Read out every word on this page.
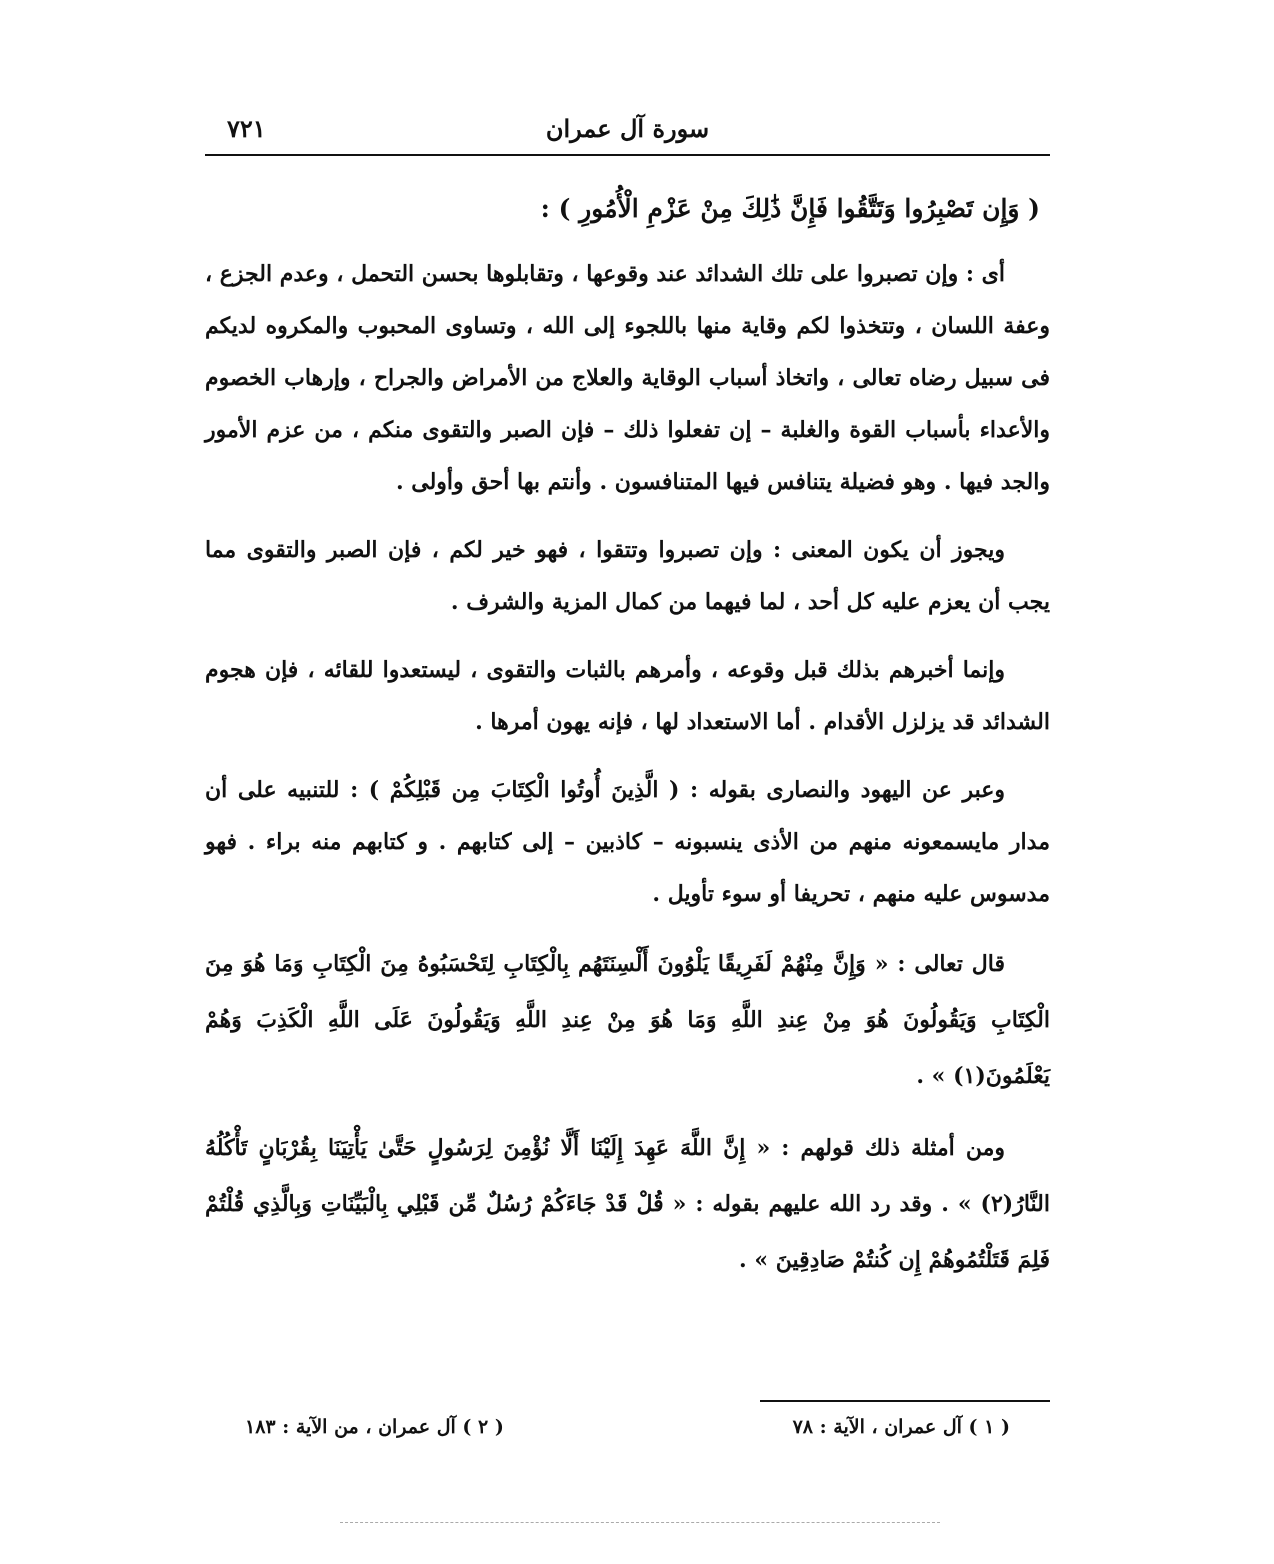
سورة آل عمران
٧٢١
( وَإِن تَصْبِرُوا وَتَتَّقُوا فَإِنَّ ذَٰلِكَ مِنْ عَزْمِ الْأُمُورِ ) :

أى : وإن تصبروا على تلك الشدائد عند وقوعها ، وتقابلوها بحسن التحمل ، وعدم الجزع ، وعفة اللسان ، وتتخذوا لكم وقاية منها باللجوء إلى الله ، وتساوى المحبوب والمكروه لديكم فى سبيل رضاه تعالى ، واتخاذ أسباب الوقاية والعلاج من الأمراض والجراح ، وإرهاب الخصوم والأعداء بأسباب القوة والغلبة – إن تفعلوا ذلك – فإن الصبر والتقوى منكم ، من عزم الأمور والجد فيها . وهو فضيلة يتنافس فيها المتنافسون . وأنتم بها أحق وأولى .

ويجوز أن يكون المعنى : وإن تصبروا وتتقوا ، فهو خير لكم ، فإن الصبر والتقوى مما يجب أن يعزم عليه كل أحد ، لما فيهما من كمال المزية والشرف .

وإنما أخبرهم بذلك قبل وقوعه ، وأمرهم بالثبات والتقوى ، ليستعدوا للقائه ، فإن هجوم الشدائد قد يزلزل الأقدام . أما الاستعداد لها ، فإنه يهون أمرها .

وعبر عن اليهود والنصارى بقوله : ( الَّذِينَ أُوتُوا الْكِتَابَ مِن قَبْلِكُمْ ) : للتنبيه على أن مدار مايسمعونه منهم من الأذى ينسبونه – كاذبين – إلى كتابهم . و كتابهم منه براء . فهو مدسوس عليه منهم ، تحريفا أو سوء تأويل .

قال تعالى : « وَإِنَّ مِنْهُمْ لَفَرِيقًا يَلْوُونَ أَلْسِنَتَهُم بِالْكِتَابِ لِتَحْسَبُوهُ مِنَ الْكِتَابِ وَمَا هُوَ مِنَ الْكِتَابِ وَيَقُولُونَ هُوَ مِنْ عِندِ اللَّهِ وَمَا هُوَ مِنْ عِندِ اللَّهِ وَيَقُولُونَ عَلَى اللَّهِ الْكَذِبَ وَهُمْ يَعْلَمُونَ(١) » .

ومن أمثلة ذلك قولهم : « إِنَّ اللَّهَ عَهِدَ إِلَيْنَا أَلَّا نُؤْمِنَ لِرَسُولٍ حَتَّىٰ يَأْتِيَنَا بِقُرْبَانٍ تَأْكُلُهُ النَّارُ(٢) » . وقد رد الله عليهم بقوله : « قُلْ قَدْ جَاءَكُمْ رُسُلٌ مِّن قَبْلِي بِالْبَيِّنَاتِ وَبِالَّذِي قُلْتُمْ فَلِمَ قَتَلْتُمُوهُمْ إِن كُنتُمْ صَادِقِينَ » .

( ١ ) آل عمران ، الآية : ٧٨
( ٢ ) آل عمران ، من الآية : ١٨٣
